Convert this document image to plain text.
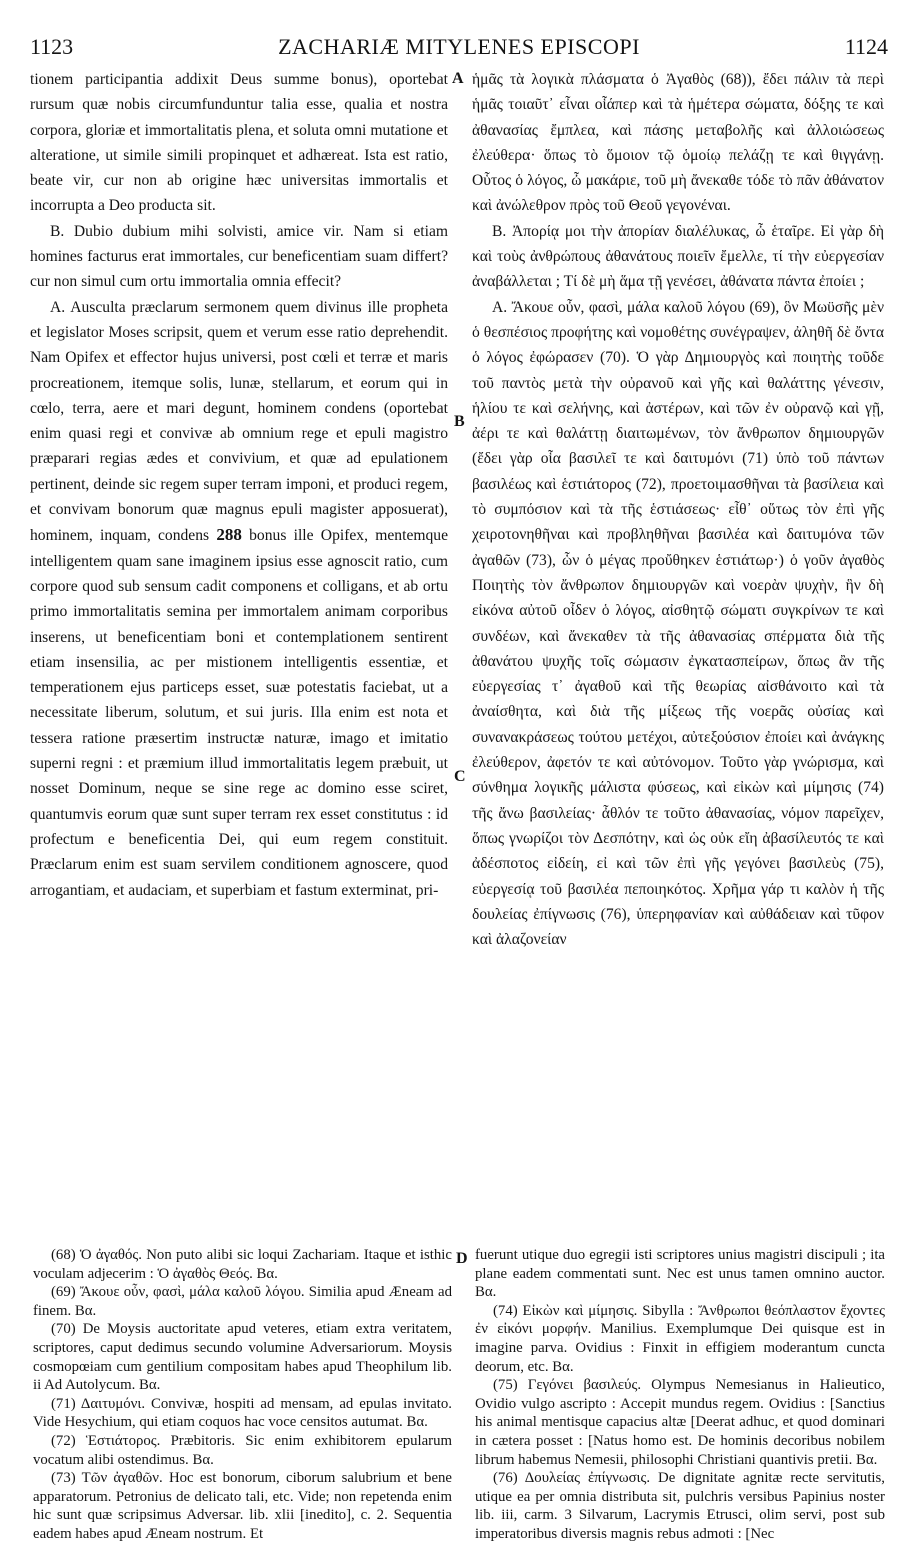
1123	ZACHARIÆ MITYLENES EPISCOPI	1124

tionem participantia addixit Deus summe bonus), oportebat rursum quæ nobis circumfunduntur talia esse, qualia et nostra corpora, gloriæ et immortalitatis plena, et soluta omni mutatione et alteratione, ut simile simili propinquet et adhæreat. Ista est ratio, beate vir, cur non ab origine hæc universitas immortalis et incorrupta a Deo producta sit.

B. Dubio dubium mihi solvisti, amice vir. Nam si etiam homines facturus erat immortales, cur beneficentiam suam differt? cur non simul cum ortu immortalia omnia effecit?

A. Ausculta præclarum sermonem quem divinus ille propheta et legislator Moses scripsit, quem et verum esse ratio deprehendit. Nam Opifex et effector hujus universi, post cœli et terræ et maris procreationem, itemque solis, lunæ, stellarum, et eorum qui in cœlo, terra, aere et mari degunt, hominem condens (oportebat enim quasi regi et convivæ ab omnium rege et epuli magistro præparari regias ædes et convivium, et quæ ad epulationem pertinent, deinde sic regem super terram imponi, et produci regem, et convivam bonorum quæ magnus epuli magister apposuerat), hominem, inquam, condens 288 bonus ille Opifex, mentemque intelligentem quam sane imaginem ipsius esse agnoscit ratio, cum corpore quod sub sensum cadit componens et colligans, et ab ortu primo immortalitatis semina per immortalem animam corporibus inserens, ut beneficentiam boni et contemplationem sentirent etiam insensilia, ac per mistionem intelligentis essentiæ, et temperationem ejus particeps esset, suæ potestatis faciebat, ut a necessitate liberum, solutum, et sui juris. Illa enim est nota et tessera ratione præsertim instructæ naturæ, imago et imitatio superni regni : et præmium illud immortalitatis legem præbuit, ut nosset Dominum, neque se sine rege ac domino esse sciret, quantumvis eorum quæ sunt super terram rex esset constitutus : id profectum e beneficentia Dei, qui eum regem constituit. Præclarum enim est suam servilem conditionem agnoscere, quod arrogantiam, et audaciam, et superbiam et fastum exterminat, pri-

ἡμᾶς τὰ λογικὰ πλάσματα ὁ Ἀγαθὸς (68)), ἔδει πάλιν τὰ περὶ ἡμᾶς τοιαῦτ᾽ εἶναι οἷάπερ καὶ τὰ ἡμέτερα σώματα, δόξης τε καὶ ἀθανασίας ἔμπλεα, καὶ πάσης μεταβολῆς καὶ ἀλλοιώσεως ἐλεύθερα· ὅπως τὸ ὅμοιον τῷ ὁμοίῳ πελάζῃ τε καὶ θιγγάνῃ. Οὗτος ὁ λόγος, ὦ μακάριε, τοῦ μὴ ἄνεκαθε τόδε τὸ πᾶν ἀθάνατον καὶ ἀνώλεθρον πρὸς τοῦ Θεοῦ γεγονέναι.

Β. Ἀπορίᾳ μοι τὴν ἀπορίαν διαλέλυκας, ὦ ἑταῖρε. Εἰ γὰρ δὴ καὶ τοὺς ἀνθρώπους ἀθανάτους ποιεῖν ἔμελλε, τί τὴν εὐεργεσίαν ἀναβάλλεται ; Τί δὲ μὴ ἅμα τῇ γενέσει, ἀθάνατα πάντα ἐποίει ;

Α. Ἄκουε οὖν, φασὶ, μάλα καλοῦ λόγου (69), ὃν Μωϋσῆς μὲν ὁ θεσπέσιος προφήτης καὶ νομοθέτης συνέγραψεν, ἀληθῆ δὲ ὄντα ὁ λόγος ἐφώρασεν (70). Ὁ γὰρ Δημιουργὸς καὶ ποιητὴς τοῦδε τοῦ παντὸς μετὰ τὴν οὐρανοῦ καὶ γῆς καὶ θαλάττης γένεσιν, ἡλίου τε καὶ σελήνης, καὶ ἀστέρων, καὶ τῶν ἐν οὐρανῷ καὶ γῇ, ἀέρι τε καὶ θαλάττῃ διαιτωμένων, τὸν ἄνθρωπον δημιουργῶν (ἔδει γὰρ οἷα βασιλεῖ τε καὶ δαιτυμόνι (71) ὑπὸ τοῦ πάντων βασιλέως καὶ ἑστιάτορος (72), προετοιμασθῆναι τὰ βασίλεια καὶ τὸ συμπόσιον καὶ τὰ τῆς ἑστιάσεως· εἶθ᾽ οὕτως τὸν ἐπὶ γῆς χειροτονηθῆναι καὶ προβληθῆναι βασιλέα καὶ δαιτυμόνα τῶν ἀγαθῶν (73), ὧν ὁ μέγας προὔθηκεν ἑστιάτωρ·) ὁ γοῦν ἀγαθὸς Ποιητὴς τὸν ἄνθρωπον δημιουργῶν καὶ νοερὰν ψυχὴν, ἣν δὴ εἰκόνα αὐτοῦ οἶδεν ὁ λόγος, αἰσθητῷ σώματι συγκρίνων τε καὶ συνδέων, καὶ ἄνεκαθεν τὰ τῆς ἀθανασίας σπέρματα διὰ τῆς ἀθανάτου ψυχῆς τοῖς σώμασιν ἐγκατασπείρων, ὅπως ἂν τῆς εὐεργεσίας τ᾽ ἀγαθοῦ καὶ τῆς θεωρίας αἰσθάνοιτο καὶ τὰ ἀναίσθητα, καὶ διὰ τῆς μίξεως τῆς νοερᾶς οὐσίας καὶ συνανακράσεως τούτου μετέχοι, αὐτεξούσιον ἐποίει καὶ ἀνάγκης ἐλεύθερον, ἀφετόν τε καὶ αὐτόνομον. Τοῦτο γὰρ γνώρισμα, καὶ σύνθημα λογικῆς μάλιστα φύσεως, καὶ εἰκὼν καὶ μίμησις (74) τῆς ἄνω βασιλείας· ἆθλόν τε τοῦτο ἀθανασίας, νόμον παρεῖχεν, ὅπως γνωρίζοι τὸν Δεσπότην, καὶ ὡς οὐκ εἴη ἀβασίλευτός τε καὶ ἀδέσποτος εἰδείη, εἰ καὶ τῶν ἐπὶ γῆς γεγόνει βασιλεὺς (75), εὐεργεσίᾳ τοῦ βασιλέα πεποιηκότος. Χρῆμα γάρ τι καλὸν ἡ τῆς δουλείας ἐπίγνωσις (76), ὑπερηφανίαν καὶ αὐθάδειαν καὶ τῦφον καὶ ἀλαζονείαν

A
B
C
D

(68) Ὁ ἀγαθός. Non puto alibi sic loqui Zachariam. Itaque et isthic voculam adjecerim : Ὁ ἀγαθὸς Θεός. Βα.

(69) Ἄκουε οὖν, φασὶ, μάλα καλοῦ λόγου. Similia apud Æneam ad finem. Βα.

(70) De Moysis auctoritate apud veteres, etiam extra veritatem, scriptores, caput dedimus secundo volumine Adversariorum. Moysis cosmopœiam cum gentilium compositam habes apud Theophilum lib. ii Ad Autolycum. Βα.

(71) Δαιτυμόνι. Convivæ, hospiti ad mensam, ad epulas invitato. Vide Hesychium, qui etiam coquos hac voce censitos autumat. Βα.

(72) Ἑστιάτορος. Præbitoris. Sic enim exhibitorem epularum vocatum alibi ostendimus. Βα.

(73) Τῶν ἀγαθῶν. Hoc est bonorum, ciborum salubrium et bene apparatorum. Petronius de delicato tali, etc. Vide; non repetenda enim hic sunt quæ scripsimus Adversar. lib. xlii [inedito], c. 2. Sequentia eadem habes apud Æneam nostrum. Et

fuerunt utique duo egregii isti scriptores unius magistri discipuli ; ita plane eadem commentati sunt. Nec est unus tamen omnino auctor. Βα.

(74) Εἰκὼν καὶ μίμησις. Sibylla : Ἄνθρωποι θεόπλαστον ἔχοντες ἐν εἰκόνι μορφήν. Manilius. Exemplumque Dei quisque est in imagine parva. Ovidius : Finxit in effigiem moderantum cuncta deorum, etc. Βα.

(75) Γεγόνει βασιλεύς. Olympus Nemesianus in Halieutico, Ovidio vulgo ascripto : Accepit mundus regem. Ovidius : [Sanctius his animal mentisque capacius altæ [Deerat adhuc, et quod dominari in cætera posset : [Natus homo est. De hominis decoribus nobilem librum habemus Nemesii, philosophi Christiani quantivis pretii. Βα.

(76) Δουλείας ἐπίγνωσις. De dignitate agnitæ recte servitutis, utique ea per omnia distributa sit, pulchris versibus Papinius noster lib. iii, carm. 3 Silvarum, Lacrymis Etrusci, olim servi, post sub imperatoribus diversis magnis rebus admoti : [Nec
